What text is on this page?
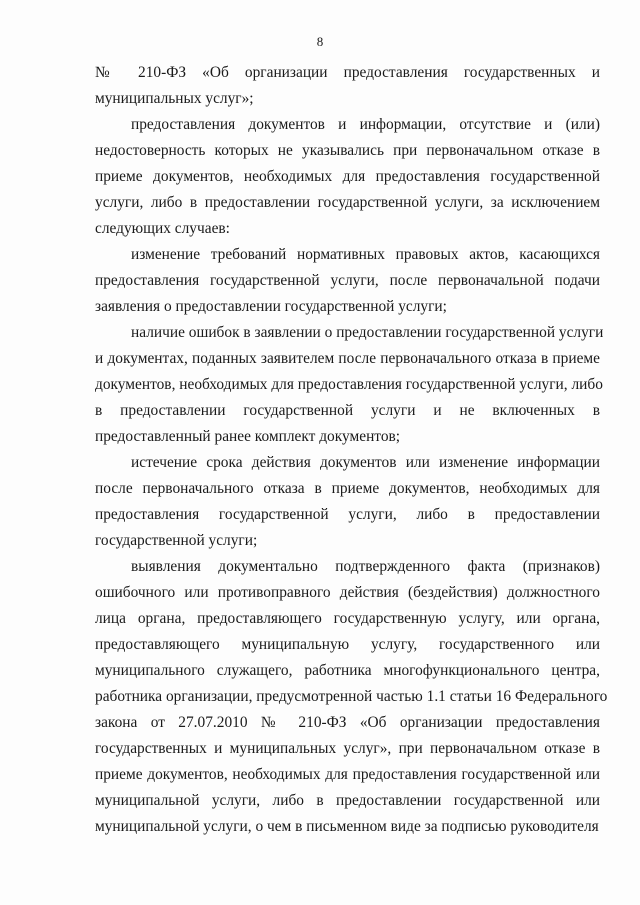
8
№ 210-ФЗ «Об организации предоставления государственных и
муниципальных услуг»;
предоставления документов и информации, отсутствие и (или)
недостоверность которых не указывались при первоначальном отказе в
приеме документов, необходимых для предоставления государственной
услуги, либо в предоставлении государственной услуги, за исключением
следующих случаев:
изменение требований нормативных правовых актов, касающихся
предоставления государственной услуги, после первоначальной подачи
заявления о предоставлении государственной услуги;
наличие ошибок в заявлении о предоставлении государственной услуги
и документах, поданных заявителем после первоначального отказа в приеме
документов, необходимых для предоставления государственной услуги, либо
в предоставлении государственной услуги и не включенных в
предоставленный ранее комплект документов;
истечение срока действия документов или изменение информации
после первоначального отказа в приеме документов, необходимых для
предоставления государственной услуги, либо в предоставлении
государственной услуги;
выявления документально подтвержденного факта (признаков)
ошибочного или противоправного действия (бездействия) должностного
лица органа, предоставляющего государственную услугу, или органа,
предоставляющего муниципальную услугу, государственного или
муниципального служащего, работника многофункционального центра,
работника организации, предусмотренной частью 1.1 статьи 16 Федерального
закона от 27.07.2010 № 210-ФЗ «Об организации предоставления
государственных и муниципальных услуг», при первоначальном отказе в
приеме документов, необходимых для предоставления государственной или
муниципальной услуги, либо в предоставлении государственной или
муниципальной услуги, о чем в письменном виде за подписью руководителя
